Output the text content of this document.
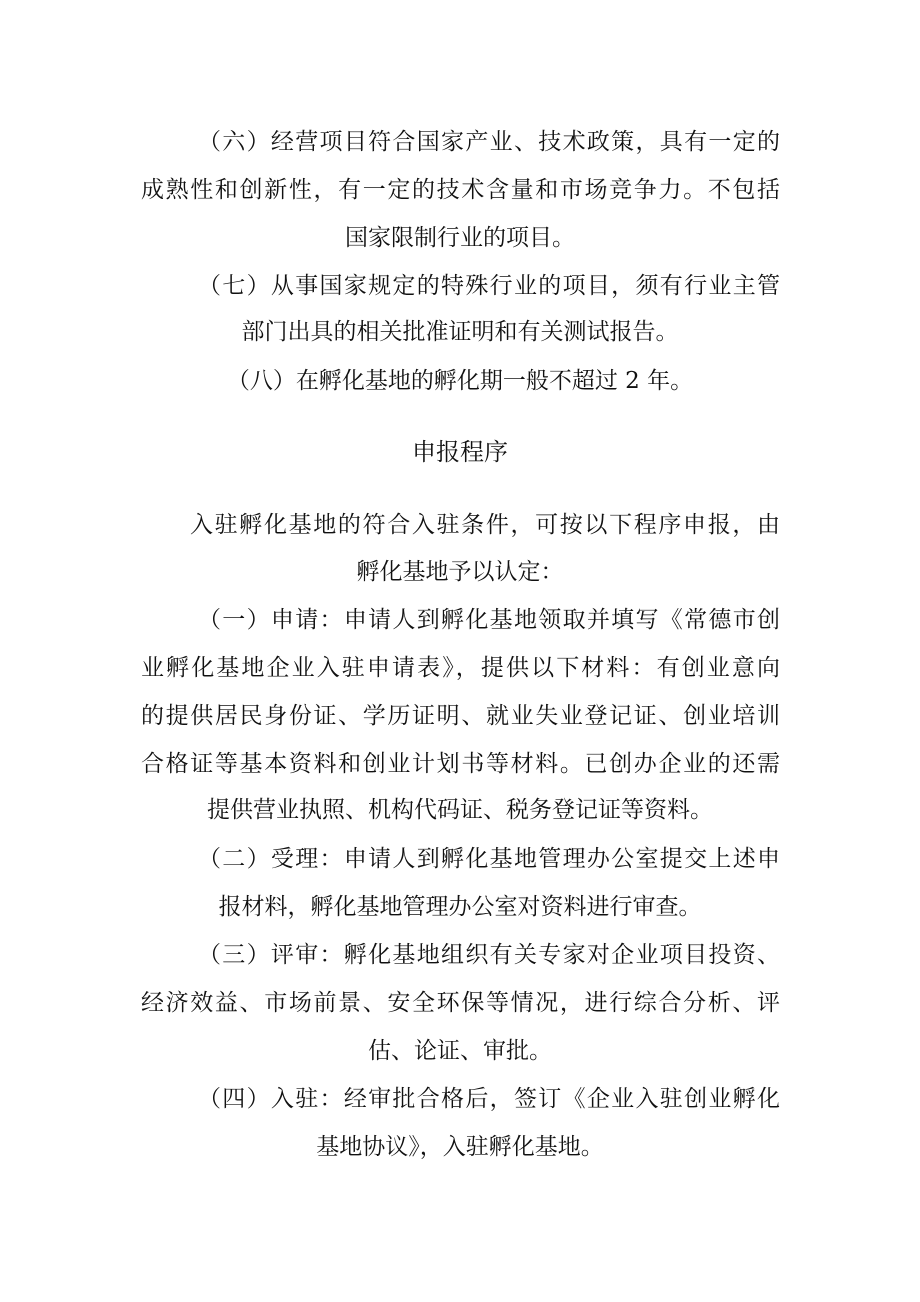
（六）经营项目符合国家产业、技术政策，具有一定的
成熟性和创新性，有一定的技术含量和市场竞争力。不包括
国家限制行业的项目。
（七）从事国家规定的特殊行业的项目，须有行业主管
部门出具的相关批准证明和有关测试报告。
（八）在孵化基地的孵化期一般不超过 2 年。
申报程序
入驻孵化基地的符合入驻条件，可按以下程序申报，由
孵化基地予以认定：
（一）申请：申请人到孵化基地领取并填写《常德市创
业孵化基地企业入驻申请表》，提供以下材料：有创业意向
的提供居民身份证、学历证明、就业失业登记证、创业培训
合格证等基本资料和创业计划书等材料。已创办企业的还需
提供营业执照、机构代码证、税务登记证等资料。
（二）受理：申请人到孵化基地管理办公室提交上述申
报材料，孵化基地管理办公室对资料进行审查。
（三）评审：孵化基地组织有关专家对企业项目投资、
经济效益、市场前景、安全环保等情况，进行综合分析、评
估、论证、审批。
（四）入驻：经审批合格后，签订《企业入驻创业孵化
基地协议》，入驻孵化基地。
